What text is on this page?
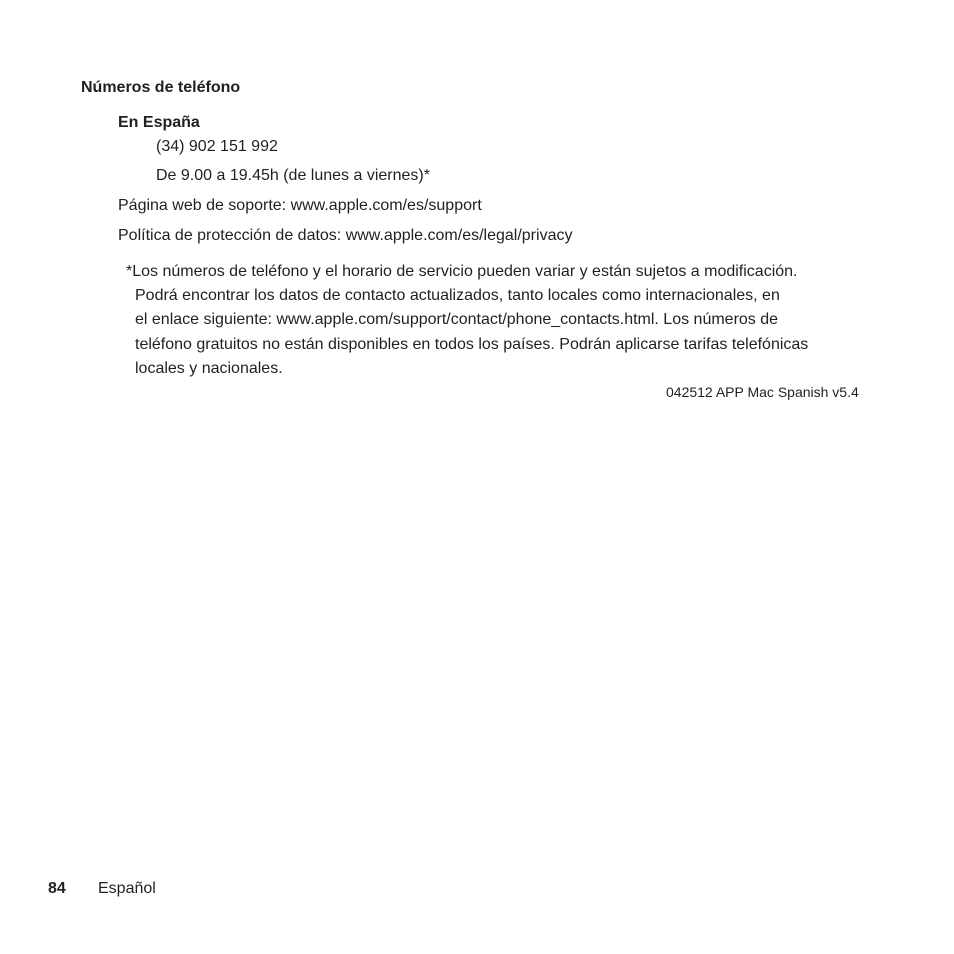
Números de teléfono
En España
(34) 902 151 992
De 9.00 a 19.45h (de lunes a viernes)*
Página web de soporte: www.apple.com/es/support
Política de protección de datos: www.apple.com/es/legal/privacy
*Los números de teléfono y el horario de servicio pueden variar y están sujetos a modificación.
Podrá encontrar los datos de contacto actualizados, tanto locales como internacionales, en
el enlace siguiente: www.apple.com/support/contact/phone_contacts.html. Los números de
teléfono gratuitos no están disponibles en todos los países. Podrán aplicarse tarifas telefónicas
locales y nacionales.
042512 APP Mac Spanish v5.4
84 Español
